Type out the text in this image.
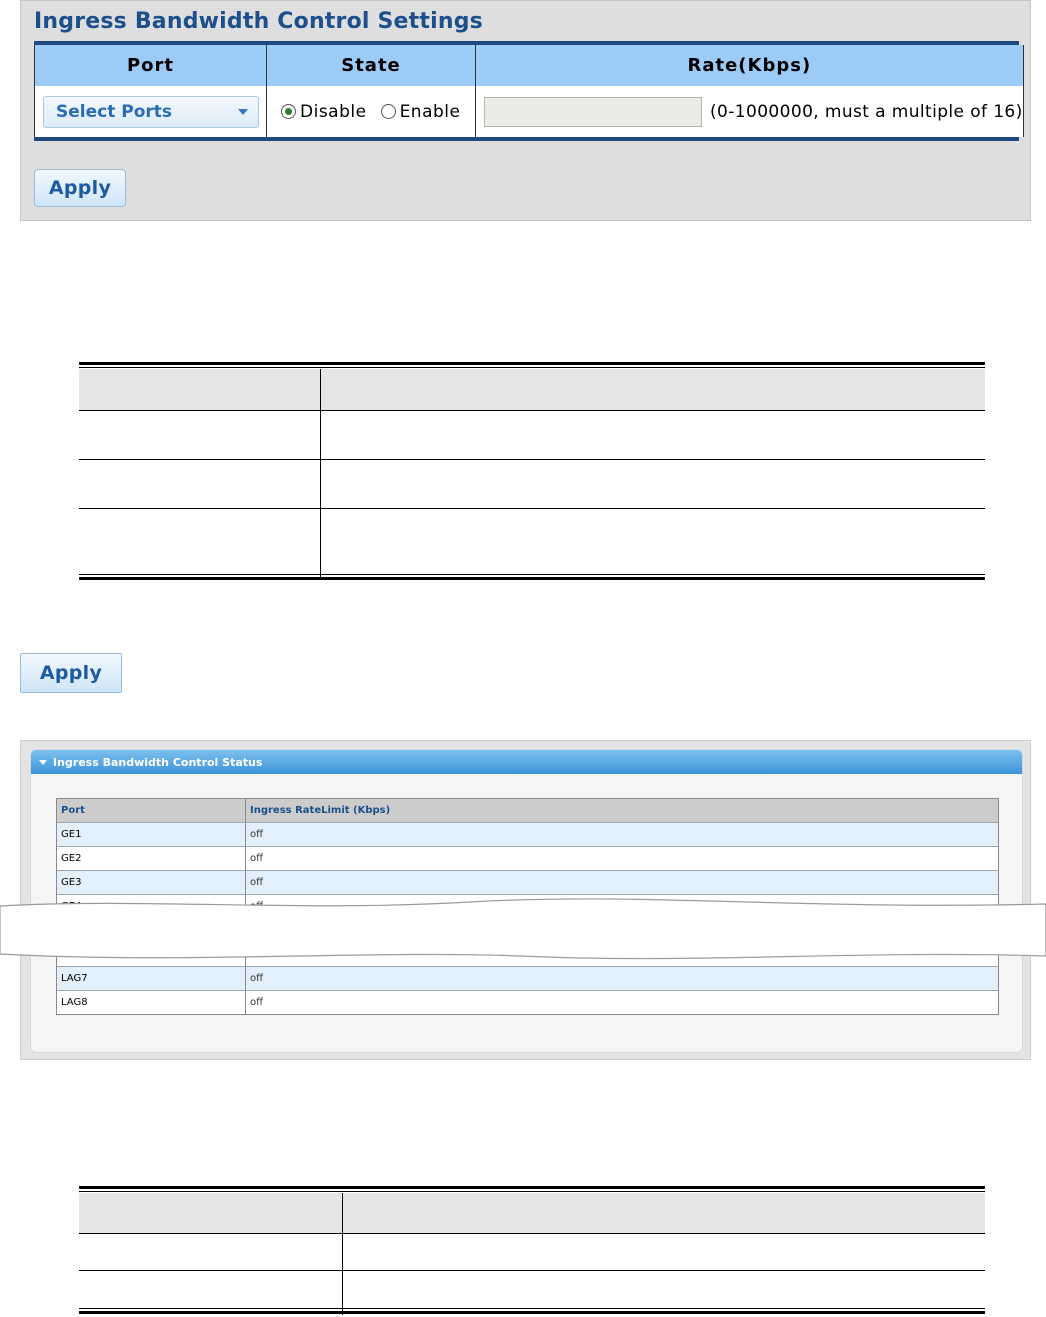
Ingress Bandwidth Control Settings
Port	State	Rate(Kbps)
Select Ports	Disable Enable	(0-1000000, must a multiple of 16)
Apply
Apply
Ingress Bandwidth Control Status
Port	Ingress RateLimit (Kbps)
GE1	off
GE2	off
GE3	off
LAG7	off
LAG8	off
